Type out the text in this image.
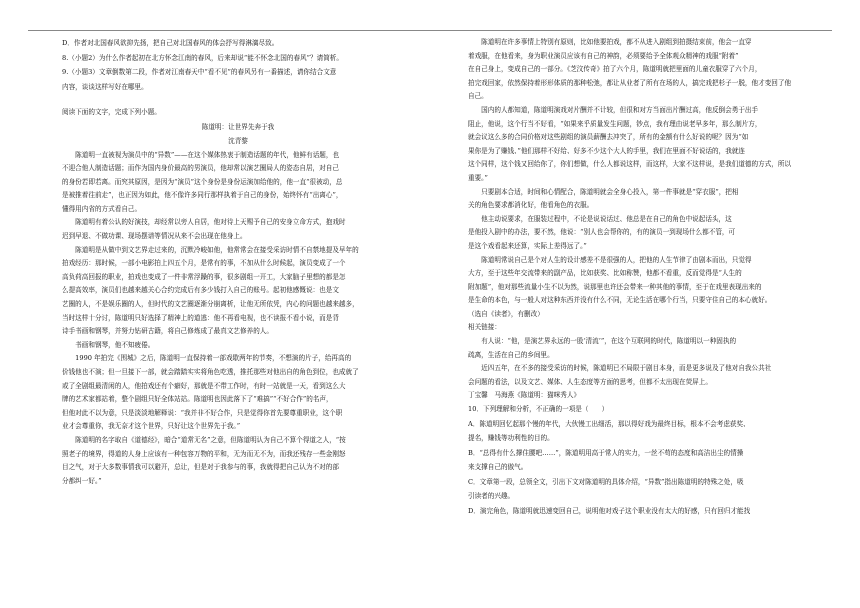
D．作者对北国春风欲抑先扬，把自己对北国春风的体会抒写得淋漓尽致。

8.（小题2）为什么作者起初在北方怀念江南的春风，后来却说“能不怀念北国的春风”？请简析。

9.（小题3）文章倒数第二段，作者对江南春天中“看不见”的春风另有一番描述，请你结合文意

内容，谈谈这样写好在哪里。

阅读下面的文字，完成下列小题。

陈道明：让世界先奔于我

沈青黎

　　陈道明一直被视为演员中的“异数”——在这个媒体热衷于制造话题的年代，他鲜有话题，也

不迎合他人制造话题；而作为国内身价最高的男演员，他却常以演艺圈局人的姿态自居，对自己

的身份若即若离。而究其原因，是因为“演员”这个身份是身份运演加给他的，他一直“很被动，总

是被推着往前走”，也正因为如此，他不像许多同行那样执着于自己的身份，始终怀有“出离心”，

懂得用内省的方式看自己。

　　陈道明有着公认的好演技，却经常以旁人自居，他对待上天赐予自己的安身立命方式，抱戏时

迟到早退、不做功课、现场摆谱等情况从来不会出现在他身上。

　　陈道明是从做中到文艺界走过来的，沉默冷峻如他，他常常会在接受采访时情不自禁地提及早年的

拍戏经历：那时候，一部小电影拍上四五个月，是常有的事，不加从什么时候起，演员变成了一个

高负荷高回报的职业，拍戏也变成了一件非常浮躁的事，很多剧组一开工，大家脑子里想的都是怎

么提高效率，演员们也越来越关心合约完成后有多少钱打入自己的账号。起初他感慨说：也是文

艺圈的人，不是娱乐圈的人，但时代的文艺圈逐渐分崩离析，让他无所依凭，内心的问题也越来越多，

当时这样十分讨，陈道明只好选择了精神上的道逃：他不再看电视，也不读报不看小说，而是背

诗手书画和钢琴，并努力钻研古籍，将自己修炼成了最真文艺修养的人。

　　书画和钢琴，他不知疲倦。

　　1990 年拍完《围城》之后，陈道明一直保持着一部戏歇两年的节奏，不想演的片子，给再高的

价钱他也不演；但一旦接下一部，就会踏踏实实将角色吃透，推托那些对他出自的角色到位，也成就了

或了全剧组最清闲的人，他拍戏还有个癖好，那就是不带工作时，有时一站就是一天，看到这么大

牌的艺术家都站着，整个剧组只好全体站站。陈道明也因此落下了“难搞”“不好合作”的名声，

但他对此不以为意，只是淡淡地解释说：“我并非不好合作，只是觉得你首先要尊重职业，这个职

业才会尊重你，我无奈才这个世界，只好让这个世界先于我。”

　　陈道明的名字取自《道德经》，暗合“道常无名”之意，但陈道明认为自己不算个得道之人，“按

照老子的境界，得道的人身上应该有一种包容万物的平和，无为而无不为，而我还残存一些金刚怒

目之气，对于大多数事情我可以避开，总让，但是对于我参与的事，我就得把自己认为不对的部

分都纠一好。”

　　陈道明在许多事情上特别有原则，比如他要拍戏，都不从进入剧组到拍摄结束前，他会一直穿

着戏服，在他看来，身为职业演员应该有自己的神韵，必须要给予全体观众精神的戏服“附着”

在自己身上，变成自己的一部分。《芝汶传奇》拍了六个月，陈道明就把里面的儿童衣服穿了六个月，

拍完戏回家，依然保持着形形体质的那种松弛，都让从业者了所有在场的人，搞完戏把杉子一脱，他才变回了他

自己。

　　国内的人都知道，陈道明演戏对片酬并不计较，但很和对方当面出片酬过高，他反倒会勇于出手

阻止，他说，这个行当不好看，“如果来乎质量发生问题，钞点，我有理由说老早多年，那么制片方，

就会议这么多的合同价格对这些剧组的演员薪酬去冲突了，所有的金额有什么好说的呢？因为“如

果你是为了赚钱、”他们那样不好给、好多不少这个大人的手里，我们在里面不好说话的，我就连

这个同样，这个钱又回给你了，你们想做，什么人都说这样，而这样，大家不这样说，是我们道德的方式，所以

重要。”

　　只要剧本合适，时间和心情配合，陈道明就会全身心投入，第一件事就是“穿衣服”，把相

关的角色要求都消化好，他看角色的衣服。

　　他主动说要求，在服装过程中，不论是说说话过、他总是在自己的角色中说起话头，这

是他投入剧中的办法，要不然，他说：“别人也会帮你的，有的演员一到现场什么都不管，可

是这个戏看起来还算，实际上差得远了。”

　　陈道明常说自己是个对人生的设计感差不是很强的人，把他的人生节律了由剧本而出，只觉得

大方，至于这些年交流带来的副产品，比如获奖、比如称赞，他都不看重，反而觉得是“人生的

附加题”，他对那些流量小生不以为然，说那里也许还会带来一种其他的事情，至于在戏里表现出来的

是生命的本色，与一般人对这种东西并没有什么不同，无论生活在哪个行当，只要守住自己的本心就好。

（选自《读者》，有删改）

相关链接：

　　有人说：“他，是演艺界永远的一股‘清流’”，在这个互联网的时代，陈道明以一种固执的

疏离，生活在自己的乡间里。

　　近四五年，在不多的接受采访的时候，陈道明已不局限于剧目本身，而是更多说及了他对自我公共社

会问题的看法，以及文艺、媒体、人生态度等方面的思考，但都不太出现在荧屏上。

丁宝馨　马海燕《陈道明：猫咪秀人》

10．下列理解和分析，不正确的一项是（　　）

A．陈道明回忆起那个慢的年代，大伙慢工出细活，那以得好戏为最终目标，根本不会考虑获奖、

提名，赚钱等功利性的目的。

B．“总得有什么撑住腰吧……”，陈道明用高于常人的实力，一丝不苟的态度和高洁出尘的情操

来支撑自己的傲气。

C．文章第一段，总领全文，引出下文对陈道明的具体介绍，“异数”指出陈道明的特殊之处，吸

引读者的兴趣。

D．演完角色，陈道明就迅速变回自己，说明他对戏子这个职业没有太大的好感，只有回归才能找
